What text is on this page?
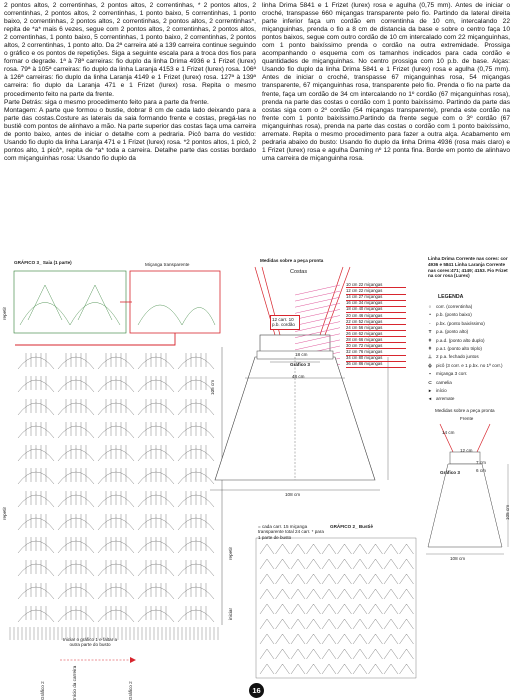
2 pontos altos, 2 correntinhas, 2 pontos altos, 2 correntinhas, * 2 pontos altos, 2 correntinhas, 2 pontos altos, 2 correntinhas, 1 ponto baixo, 5 correntinhas, 1 ponto baixo, 2 correntinhas, 2 pontos altos, 2 correntinhas, 2 pontos altos, 2 correntinhas*, repita de *a* mais 6 vezes, segue com 2 pontos altos, 2 correntinhas, 2 pontos altos, 2 correntinhas, 1 ponto baixo, 5 correntinhas, 1 ponto baixo, 2 correntinhas, 2 pontos altos, 2 correntinhas, 1 ponto alto. Da 2ª carreira até a 139 carreira continue seguindo o gráfico e os pontos de repetições. Siga a seguinte escala para a troca dos fios para formar o degrade. 1ª à 78ª carreiras: fio duplo da linha Drima 4936 e 1 Frizet (lurex) rosa. 79ª à 105ª carreiras: fio duplo da linha Laranja 4153 e 1 Frizet (lurex) rosa. 106ª à 126ª carreiras: fio duplo da linha Laranja 4149 e 1 Frizet (lurex) rosa. 127ª à 139ª carreira: fio duplo da Laranja 471 e 1 Frizet (lurex) rosa. Repita o mesmo procedimento feito na parte da frente.

Parte Detrás: siga o mesmo procedimento feito para a parte da frente.

Montagem: A parte que formou o bustie, dobrar 8 cm de cada lado deixando para a parte das costas.Costure as laterais da saia formando frente e costas, pregá-las no bustiê com pontos de alinhavo a mão. Na parte superior das costas faça uma carreira de ponto baixo, antes de iniciar o detalhe com a pedraria. Picô barra do vestido: Usando fio duplo da linha Laranja 471 e 1 Frizet (lurex) rosa. *2 pontos altos, 1 picô, 2 pontos alto, 1 picô*, repita de *a* toda a carreira. Detalhe parte das costas bordado com miçanguinhas rosa: Usando fio duplo da

linha Drima 5841 e 1 Frizet (lurex) rosa e agulha (0,75 mm). Antes de iniciar o croché, transpasse 660 miçangas transparente pelo fio. Partindo da lateral direita parte inferior faça um cordão em correntinha de 10 cm, intercalando 22 miçanguinhas, prenda o fio a 8 cm de distancia da base e sobre o centro faça 10 pontos baixos, segue com outro cordão de 10 cm intercalado com 22 miçanguinhas, com 1 ponto baixíssimo prenda o cordão na outra extremidade. Prossiga acompanhando o esquema com os tamanhos indicados para cada cordão e quantidades de miçanguinhas. No centro prossiga com 10 p.b. de base. Alças: Usando fio duplo da linha Drima 5841 e 1 Frizet (lurex) rosa e agulha (0,75 mm). Antes de iniciar o croché, transpasse 67 miçanguinhas rosa, 54 miçangas transparente, 67 miçanguinhas rosa, transparente pelo fio. Prenda o fio na parte da frente, faça um cordão de 34 cm intercalando no 1º cordão (67 miçanguinhas rosa), prenda na parte das costas o cordão com 1 ponto baixíssimo. Partindo da parte das costas siga com o 2º cordão (54 miçangas transparente), prenda este cordão na frente com 1 ponto baixíssimo.Partindo da frente segue com o 3º cordão (67 miçanguinhas rosa), prenda na parte das costas o cordão com 1 ponto baixíssimo, arremate. Repita o mesmo procedimento para fazer a outra alça. Acabamento em pedraria abaixo do busto: Usando fio duplo da linha Drima 4936 (rosa mais claro) e 1 Frizet (lurex) rosa e agulha Darning nº 12 ponta fina. Borde em ponto de alinhavo uma carreira de miçanguinha rosa.

GRÁFICO 3_ Saia (1 parte)	Miçanga transparente
repetir
repetir
repetir
iniciar
Iniciar o gráfico 1 e faltar a outra parte do busto
Gráfico 2	Início da carreira	Gráfico 2
Medidas sobre a peça pronta
Costas
12 carr. 10 p.b. cordão
18 cm
Gráfico 3
48 cm
105 cm
108 cm
10 cm 22 miçangas
12 cm 22 miçangas
14 cm 27 miçangas
16 cm 34 miçangas
18 cm 40 miçangas
20 cm 46 miçangas
22 cm 52 miçangas
24 cm 56 miçangas
26 cm 62 miçangas
28 cm 66 miçangas
30 cm 72 miçangas
32 cm 76 miçangas
34 cm 80 miçangas
36 cm 86 miçangas
= cada carr. 15 miçanga transparente total 24 carr. * para 1 parte de busto
GRÁFICO 2_ Bustiê
Linha Drima Corrente nas cores: cor 4936 e 5841 Linha Laranja Corrente nas cores:471; 4149; 4153. Fio Frizet na cor rosa (Lurex)
LEGENDA
○ corr. (correntinha)
• p.b. (ponto baixo)
· p.bx. (ponto baixíssimo)
T p.a. (ponto alto)
ǂ p.a.d. (ponto alto duplo)
ǂ p.a.t. (ponto alto triplo)
⊥ 2 p.a. fechado juntos
ɸ picô (3 corr. e 1 p.bx. no 1ª corr.)
▪ miçanga 3 corr.
⊂ camelia
▸ início
◂ arremate
Medidas sobre a peça pronta
Frente
Gráfico 3
14 cm
12 cm
7 cm
6 cm
105 cm
108 cm
16
